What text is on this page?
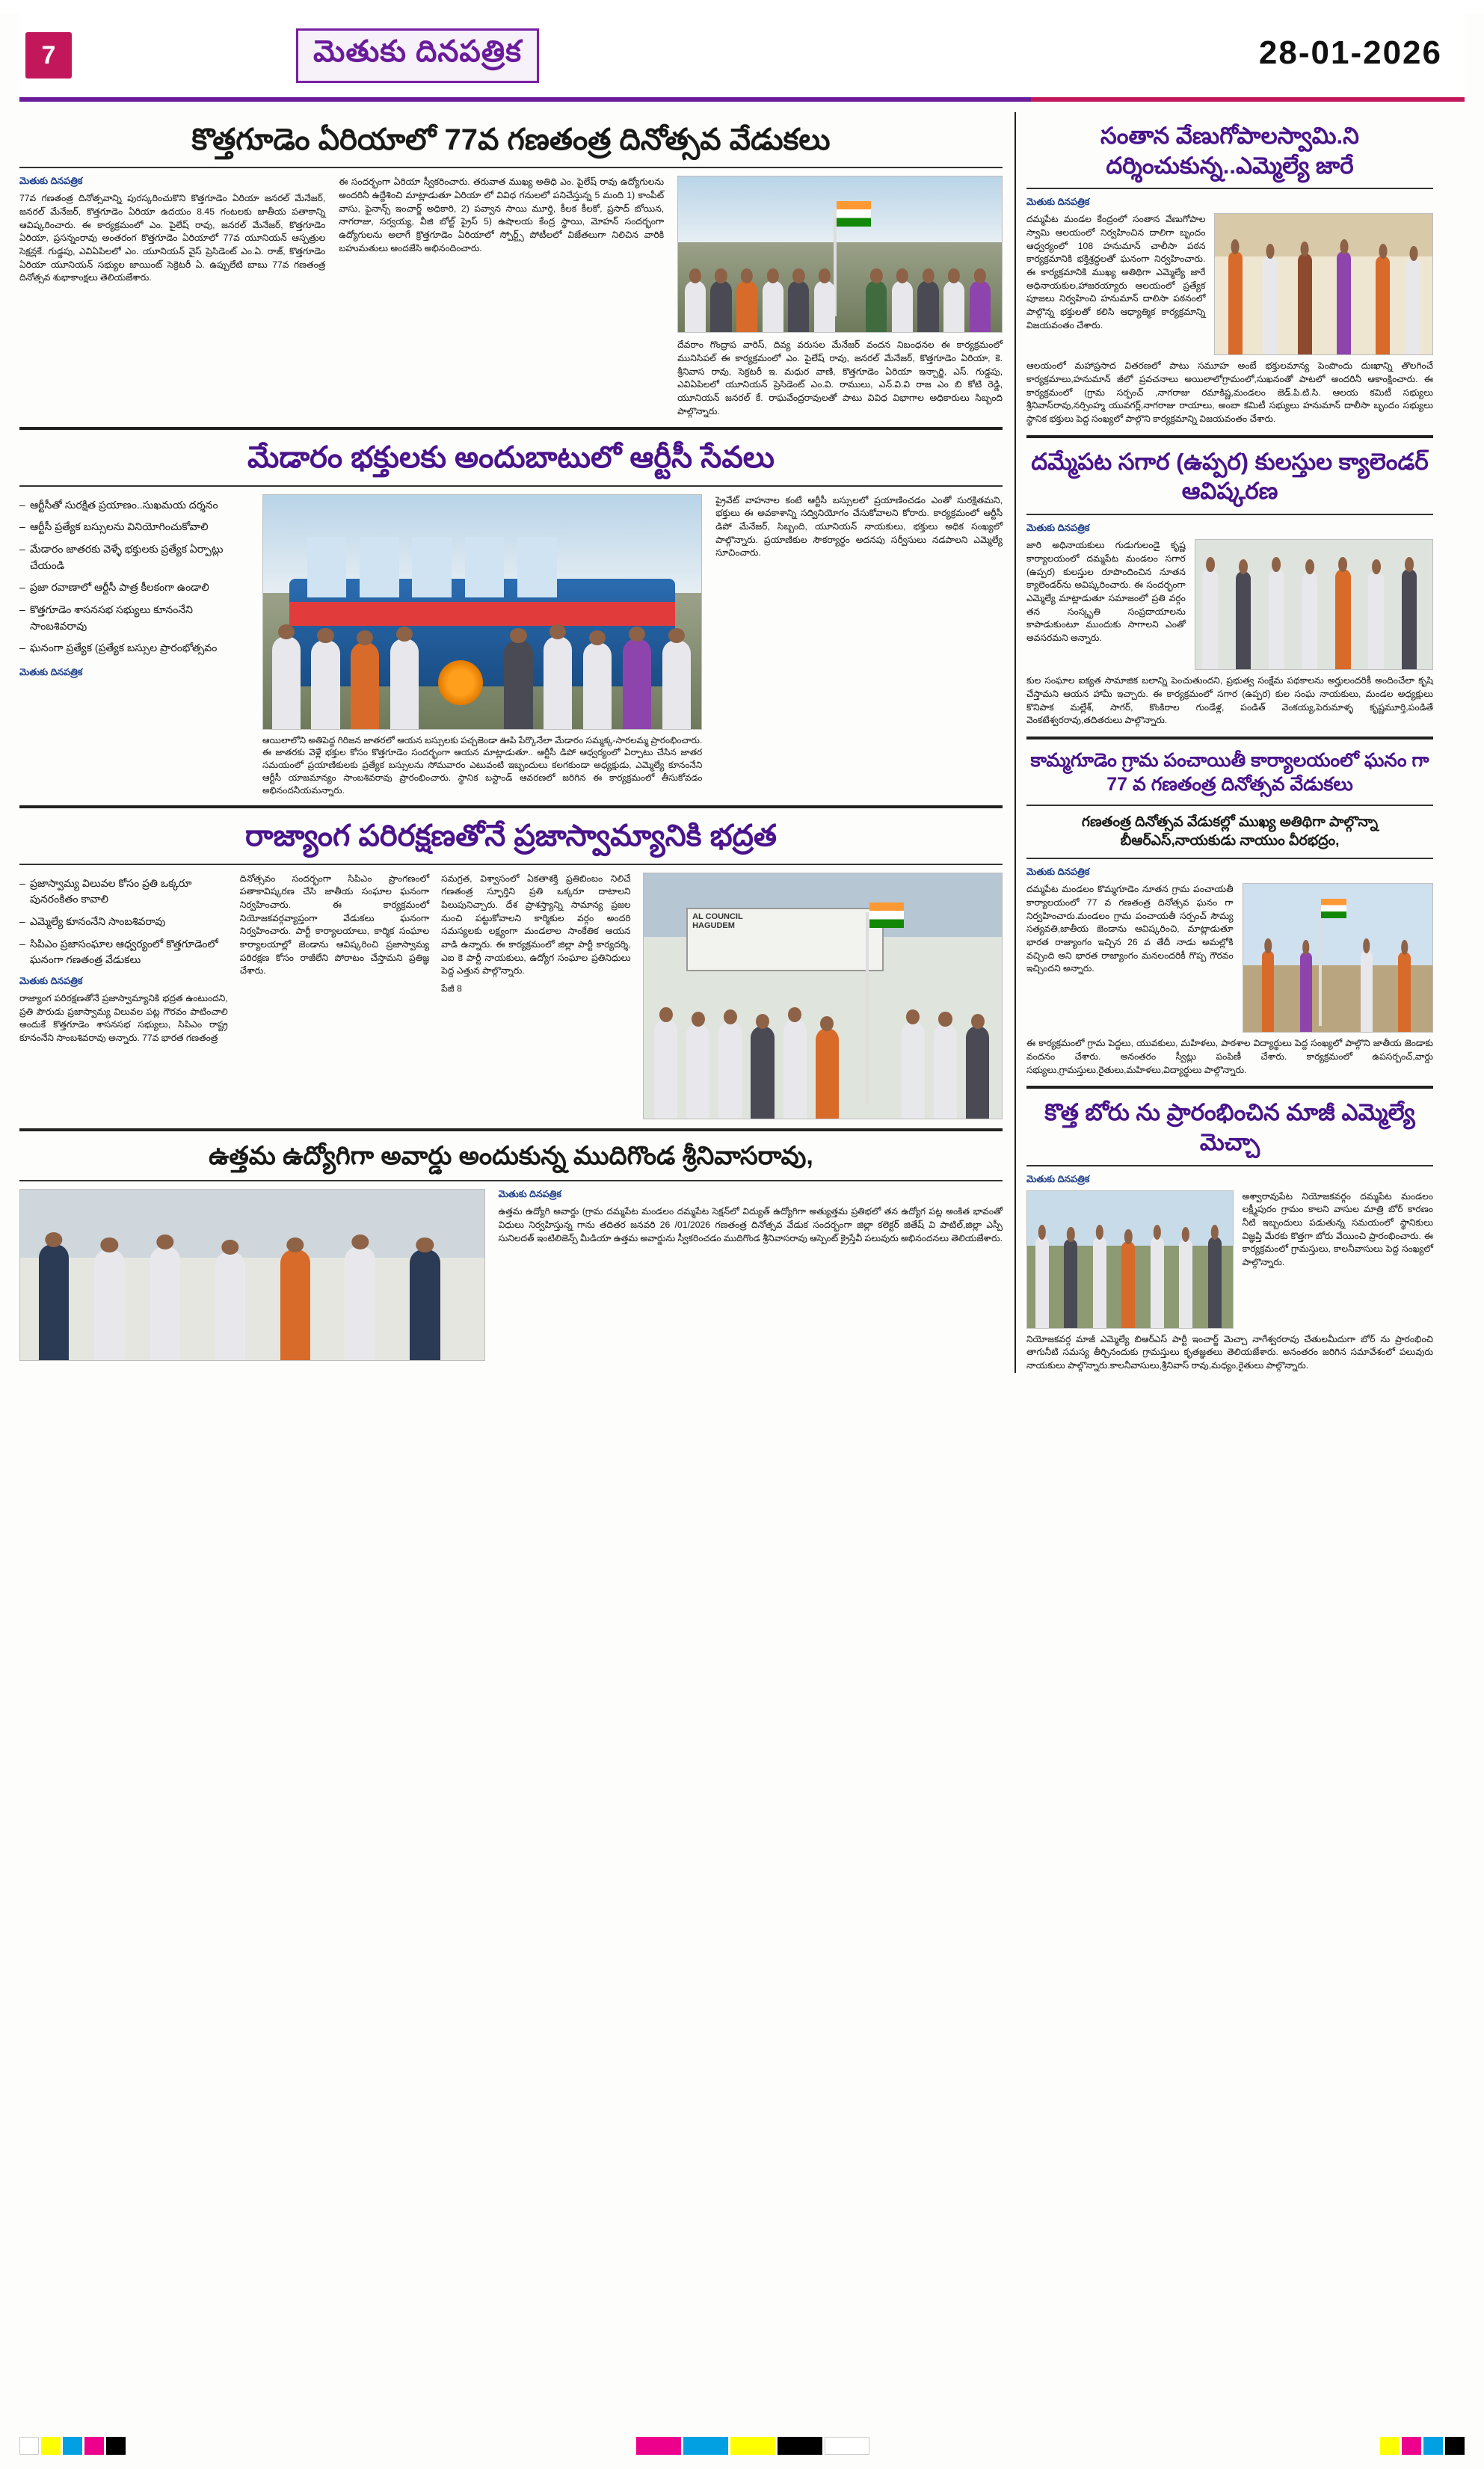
7	మెతుకు దినపత్రిక	28-01-2026
కొత్తగూడెం ఏరియాలో 77వ గణతంత్ర దినోత్సవ వేడుకలు
మెతుకు దినపత్రిక
77వ గణతంత్ర దినోత్సవాన్ని పురస్కరించుకొని కొత్తగూడెం ఏరియా జనరల్ మేనేజర్, జనరల్ మేనేజర్, కొత్తగూడెం ఏరియా ఉదయం 8.45 గంటలకు జాతీయ పతాకాన్ని ఆవిష్కరించారు. ఈ కార్యక్రమంలో ఎం. పైలేష్ రావు, జనరల్ మేనేజర్, కొత్తగూడెం ఏరియా, ప్రసన్నంరావు అంతరంగ కొత్తగూడెం ఏరియాలో 77వ యూనియన్ ఆస్పత్రుల సెక్షన్లకే. గుడ్డపు, ఎవిఏపిలలో ఎం. యూనియన్ వైస్ ప్రెసిడెంట్ ఎం.ఏ. రాజ్, కొత్తగూడెం ఏరియా యూనియన్ సభ్యుల జాయింట్ సెక్రెటరీ ఏ. ఉప్పులేటి బాబు 77వ గణతంత్ర దినోత్సవ శుభాకాంక్షలు తెలియజేశారు.
ఈ సందర్భంగా ఏరియా స్వీకరించారు. తరువాత ముఖ్య అతిధి ఎం. పైలేష్ రావు ఉద్యోగులను అందరినీ ఉద్దేశించి మాట్లాడుతూ ఏరియా లో వివిధ గనులలో పనిచేస్తున్న 5 మంది 1) కాంపీట్ వాసు, ఫైనాన్స్ ఇంచార్జ్ అధికారి, 2) పవ్వాన సాయి మూర్తి, కీలక కీలకో, ప్రసాద్ బోయిన, నాగరాజు, సర్వయ్య, వీజి బోల్ట్ ప్రైస్ 5) ఉషాలయ కేంద్ర స్థాయి, మోహన్ సందర్భంగా ఉద్యోగులను అలాగే క్రొత్తగూడెం ఏరియాలో స్పోర్ట్స్ పోటీలలో విజేతలుగా నిలిచిన వారికి బహుమతులు అందజేసి అభినందించారు.
దేవరాం గొంద్రాప వారిస్, దివ్య వరుసల మేనేజర్ వందన నిబంధనల ఈ కార్యక్రమంలో మునిసిపల్ ఈ కార్యక్రమంలో ఎం. పైలేష్ రావు, జనరల్ మేనేజర్, కొత్తగూడెం ఏరియా, కె. శ్రీనివాస రావు, సెక్రటరీ ఇ. మధుర వాణి, కొత్తగూడెం ఏరియా ఇన్చార్జి, ఎస్. గుడ్డపు, ఎవిఏపిలలో యూనియన్ ప్రెసిడెంట్ ఎం.వి. రాములు, ఎన్.వి.వి రాజ ఎం బి కోటి రెడ్డి, యూనియన్ జనరల్ కే. రాఘవేంద్రరావులతో పాటు వివిధ విభాగాల అధికారులు సిబ్బంది పాల్గొన్నారు.
మేడారం భక్తులకు అందుబాటులో ఆర్టీసీ సేవలు
– ఆర్టీసీతో సురక్షిత ప్రయాణం..సుఖమయ దర్శనం
– ఆర్టీసీ ప్రత్యేక బస్సులను వినియోగించుకోవాలి
– మేడారం జాతరకు వెళ్ళే భక్తులకు ప్రత్యేక ఏర్పాట్లు చేయండి
– ప్రజా రవాణాలో ఆర్టీసీ పాత్ర కీలకంగా ఉండాలి
– కొత్తగూడెం శాసనసభ సభ్యులు కూనంనేని సాంబశివరావు
– ఘనంగా ప్రత్యేక (ప్రత్యేక బస్సుల ప్రారంభోత్సవం
మెతుకు దినపత్రిక
ఆయిలాలోని అతిపెద్ద గిరిజన జాతరలో ఆయన బస్సులకు పచ్చజెండా ఊపి పేర్కొనేలా మేడారం సమ్మక్క-సారలమ్మ ప్రారంభించారు. ఈ జాతరకు వెళ్లే భక్తుల కోసం కొత్తగూడెం సందర్భంగా ఆయన మాట్లాడుతూ.. ఆర్టీసీ డిపో ఆధ్వర్యంలో ఏర్పాటు చేసిన జాతర సమయంలో ప్రయాణికులకు ప్రత్యేక బస్సులను సోమవారం ఎటువంటి ఇబ్బందులు కలగకుండా అధ్యక్షుడు, ఎమ్మెల్యే కూనంనేని ఆర్టీసీ యాజమాన్యం సాంబశివరావు ప్రారంభించారు. స్థానిక బస్టాండ్ ఆవరణలో జరిగిన ఈ కార్యక్రమంలో తీసుకోవడం అభినందనీయమన్నారు.
ప్రైవేట్ వాహనాల కంటే ఆర్టీసీ బస్సులలో ప్రయాణించడం ఎంతో సురక్షితమని, భక్తులు ఈ అవకాశాన్ని సద్వినియోగం చేసుకోవాలని కోరారు. కార్యక్రమంలో ఆర్టీసీ డిపో మేనేజర్, సిబ్బంది, యూనియన్ నాయకులు, భక్తులు అధిక సంఖ్యలో పాల్గొన్నారు. ప్రయాణికుల సౌకర్యార్థం అదనపు సర్వీసులు నడపాలని ఎమ్మెల్యే సూచించారు.
రాజ్యాంగ పరిరక్షణతోనే ప్రజాస్వామ్యానికి భద్రత
– ప్రజాస్వామ్య విలువల కోసం ప్రతి ఒక్కరూ పునరంకితం కావాలి
– ఎమ్మెల్యే కూనంనేని సాంబశివరావు
– సిపిఎం ప్రజాసంఘాల ఆధ్వర్యంలో కొత్తగూడెంలో ఘనంగా గణతంత్ర వేడుకలు
మెతుకు దినపత్రిక
రాజ్యాంగ పరిరక్షణతోనే ప్రజాస్వామ్యానికి భద్రత ఉంటుందని, ప్రతి పౌరుడు ప్రజాస్వామ్య విలువల పట్ల గౌరవం పాటించాలి అందుకే కొత్తగూడెం శాసనసభ సభ్యులు, సిపిఎం రాష్ట్ర కూనంనేని సాంబశివరావు అన్నారు. 77వ భారత గణతంత్ర
దినోత్సవం సందర్భంగా సిపిఎం ప్రాంగణంలో పతాకావిష్కరణ చేసి జాతీయ సంఘాల ఘనంగా నిర్వహించారు. ఈ కార్యక్రమంలో నియోజకవర్గవ్యాప్తంగా వేడుకలు ఘనంగా నిర్వహించారు. పార్టీ కార్యాలయాలు, కార్మిక సంఘాల కార్యాలయాల్లో జెండాను ఆవిష్కరించి ప్రజాస్వామ్య పరిరక్షణ కోసం రాజీలేని పోరాటం చేస్తామని ప్రతిజ్ఞ చేశారు.
సమగ్రత, విశ్వాసంలో ఏకతాశక్తి ప్రతిబింబం నిలిచే గణతంత్ర స్ఫూర్తిని ప్రతి ఒక్కరూ దాటాలని పిలుపునిచ్చారు. దేశ ప్రాశస్త్యాన్ని సామాన్య ప్రజల నుంచి పట్టుకోవాలని కార్మికుల వర్గం అందరి సమస్యలకు లక్ష్యంగా మండలాల సాంకేతిక ఆయన వాడి ఉన్నారు. ఈ కార్యక్రమంలో జిల్లా పార్టీ కార్యదర్శి, ఎఐ కె పార్టీ నాయకులు, ఉద్యోగ సంఘాల ప్రతినిధులు పెద్ద ఎత్తున పాల్గొన్నారు.
పేజీ 8
AL COUNCIL
HAGUDEM
ఉత్తమ ఉద్యోగిగా అవార్డు అందుకున్న ముదిగొండ శ్రీనివాసరావు,
మెతుకు దినపత్రిక
ఉత్తమ ఉద్యోగి అవార్డు (గ్రామ దమ్మపేట మండలం దమ్మపేట సెక్షన్‌లో విద్యుత్ ఉద్యోగిగా అత్యుత్తమ ప్రతిభలో తన ఉద్యోగ పట్ల అంకిత భావంతో విధులు నిర్వహిస్తున్న గాను తదితర జనవరి 26 /01/2026 గణతంత్ర దినోత్సవ వేడుక సందర్భంగా జిల్లా కలెక్టర్ జితేష్ వి పాటిల్,జిల్లా ఎస్పీ సునిలదత్ ఇంటిలిజెన్స్ మీడియా ఉత్తమ అవార్డును స్వీకరించడం ముదిగొండ శ్రీనివాసరావు ఆస్పెంట్ క్రైస్తేవీ పలువురు అభినందనలు తెలియజేశారు.
సంతాన వేణుగోపాలస్వామి.ని దర్శించుకున్న..ఎమ్మెల్యే జారే
మెతుకు దినపత్రిక
దమ్మపేట మండల కేంద్రంలో సంతాన వేణుగోపాల స్వామి ఆలయంలో నిర్వహించిన దాలిగా బృందం ఆధ్వర్యంలో 108 హనుమాన్ చాలీసా పఠన కార్యక్రమానికి భక్తిశ్రద్ధలతో ఘనంగా నిర్వహించారు. ఈ కార్యక్రమానికి ముఖ్య అతిథిగా ఎమ్మెల్యే జారే అధినాయకుల,హాజరయ్యారు ఆలయంలో ప్రత్యేక పూజలు నిర్వహించి హనుమాన్ దాలిసా పఠనంలో పాల్గొన్న భక్తులతో కలిసి ఆధ్యాత్మిక కార్యక్రమాన్ని విజయవంతం చేశారు.
ఆలయంలో మహాప్రసాద వితరణలో పాటు సమూహ అంబే భక్తులమాన్య పెంపొందు దుఃఖాన్ని తొలగించే కార్యక్రమాలు,హనుమాన్ జీలో ప్రవచనాలు అయిలాలోగ్రామంలో,సుఖనంతో పాటలో అందరినీ ఆకాంక్షించారు. ఈ కార్యక్రమంలో (గ్రామ సర్పంచ్ ,నాగరాజు రమాకిష్ణ,మండలం జెడ్.పి.టి.సి. ఆలయ కమిటీ సభ్యులు శ్రీనివాస్‌రావు,నర్సింహ్మ యువగర్ల్,నాగరాజు రాయాలు, అంబా కమిటీ సభ్యులు హనుమాన్ దాలీసా బృందం సభ్యులు స్థానిక భక్తులు పెద్ద సంఖ్యలో పాల్గొని కార్యక్రమాన్ని విజయవంతం చేశారు.
దమ్మేపట సగార (ఉప్పర) కులస్తుల క్యాలెండర్ ఆవిష్కరణ
మెతుకు దినపత్రిక
జారి అధినాయకులు గుడుగులండై కృష్ణ కార్యాలయంలో దమ్మపేట మండలం సగార (ఉప్పర) కులస్తుల రూపొందించిన నూతన క్యాలెండర్‌ను అవిష్కరించారు. ఈ సందర్భంగా ఎమ్మెల్యే మాట్లాడుతూ సమాజంలో ప్రతి వర్గం తన సంస్కృతి సంప్రదాయాలను కాపాడుకుంటూ ముందుకు సాగాలని ఎంతో అవసరమని అన్నారు.
కుల సంఘాల ఐక్యత సామాజిక బలాన్ని పెంచుతుందని, ప్రభుత్వ సంక్షేమ పథకాలను అర్హులందరికీ అందించేలా కృషి చేస్తామని ఆయన హామీ ఇచ్చారు. ఈ కార్యక్రమంలో సగార (ఉప్పర) కుల సంఘ నాయకులు, మండల అధ్యక్షులు కొనిపాక మల్లేశ్, సాగర్, కొంకిరాల గుండేళ్ల, పండిత్ వెంకయ్య,పెరుమాళ్ళ కృష్ణమూర్తి,పండితే వెంకటేశ్వరరావు,తదితరులు పాల్గొన్నారు.
కామ్మగూడెం గ్రామ పంచాయితీ కార్యాలయంలో ఘనం గా 77 వ గణతంత్ర దినోత్సవ వేడుకలు
గణతంత్ర దినోత్సవ వేడుకల్లో ముఖ్య అతిథిగా పాల్గొన్నా బీఆర్ఎస్,నాయకుడు నాయుం వీరభద్రం,
మెతుకు దినపత్రిక
దమ్మపేట మండలం కొమ్మగూడెం నూతన గ్రామ పంచాయతీ కార్యాలయంలో 77 వ గణతంత్ర దినోత్సవ ఘనం గా నిర్వహించారు.మండలం గ్రామ పంచాయతీ సర్పంచ్ సౌమ్య సత్యవతి,జాతీయ జెండాను ఆవిష్కరించి, మాట్లాడుతూ భారత రాజ్యాంగం ఇచ్చిన 26 వ తేదీ నాడు అమల్లోకి వచ్చింది అని భారత రాజ్యాంగం మనలందరికీ గొప్ప గౌరవం ఇచ్చిందని అన్నారు.
ఈ కార్యక్రమంలో గ్రామ పెద్దలు, యువకులు, మహిళలు, పాఠశాల విద్యార్థులు పెద్ద సంఖ్యలో పాల్గొని జాతీయ జెండాకు వందనం చేశారు. అనంతరం స్వీట్లు పంపిణీ చేశారు. కార్యక్రమంలో ఉపసర్పంచ్,వార్డు సభ్యులు,గ్రామస్తులు,రైతులు,మహిళలు,విద్యార్థులు పాల్గొన్నారు.
కొత్త బోరు ను ప్రారంభించిన మాజీ ఎమ్మెల్యే మెచ్చా
మెతుకు దినపత్రిక
అశ్వారావుపేట నియోజకవర్గం దమ్మపేట మండలం లక్ష్మీపురం గ్రామం కాలని వాసుల మాత్రి బోర్ కారణం నీటి ఇబ్బందులు పడుతున్న సమయంలో స్థానికులు విజ్ఞప్తి మేరకు కొత్తగా బోరు వేయించి ప్రారంభించారు. ఈ కార్యక్రమంలో గ్రామస్తులు, కాలనీవాసులు పెద్ద సంఖ్యలో పాల్గొన్నారు.
నియోజకవర్గ మాజీ ఎమ్మెల్యే బిఆర్ఎస్ పార్టీ ఇంచార్జ్ మెచ్చా నాగేశ్వరరావు చేతులమీదుగా బోర్ ను ప్రారంభించి తాగునీటి సమస్య తీర్చినందుకు గ్రామస్తులు కృతజ్ఞతలు తెలియజేశారు. అనంతరం జరిగిన సమావేశంలో పలువురు నాయకులు పాల్గొన్నారు.కాలనీవాసులు,శ్రీనివాస్ రావు,మధ్యం,రైతులు పాల్గొన్నారు.
